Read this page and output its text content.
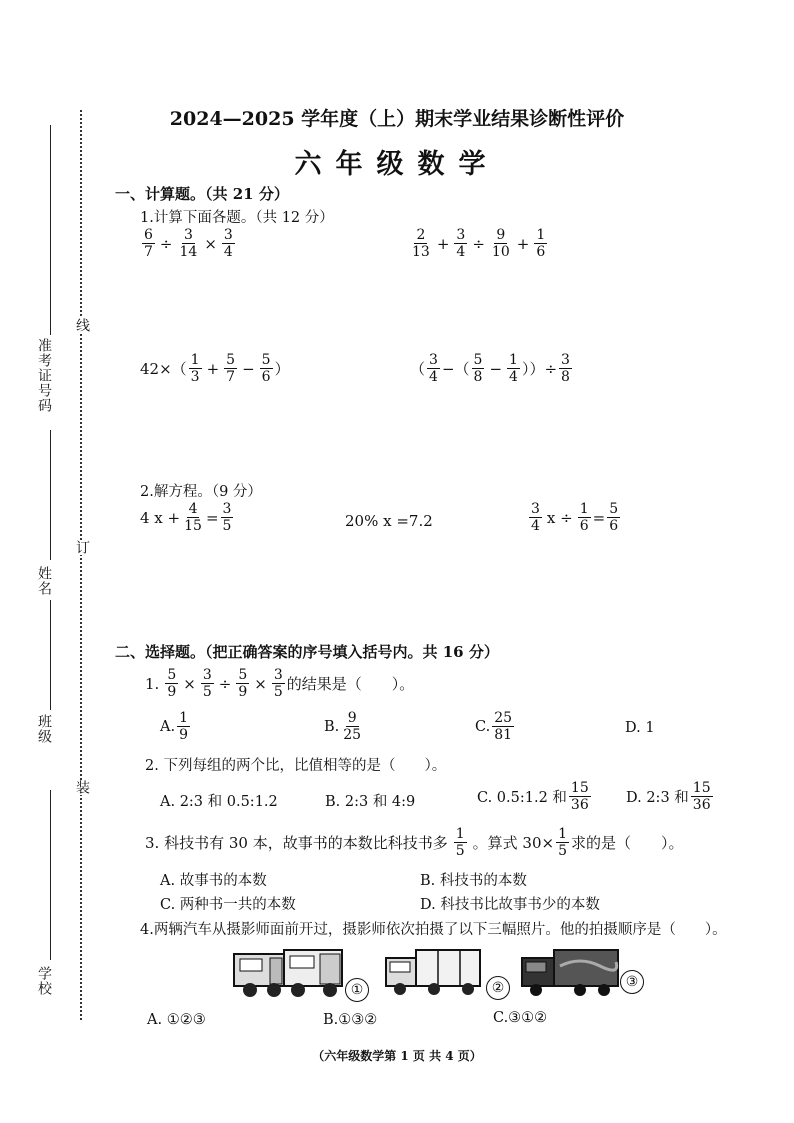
准考证号码
姓名
班级
学校
线
订
装
2024—2025 学年度（上）期末学业结果诊断性评价
六年级数学
一、计算题。（共 21 分）
1.计算下面各题。（共 12 分）
$\frac{6}{7} \div \frac{3}{14} \times \frac{3}{4}$	2
$13 + \frac{3}{4} \div \frac{9}{10} + \frac{1}{6}$
42×（ 1
$3 + \frac{5}{7} - \frac{5}{6}$ ）	（ 3
4 −（ 5
$8 - \frac{1}{4}$ ））÷ $\frac{3}{8}$
2.解方程。（9 分）
4 $x + \frac{4}{15} = \frac{3}{5}$	20% x =7.2
3
4 $x \div \frac{1}{6} = \frac{5}{6}$
二、选择题。（把正确答案的序号填入括号内。共 16 分）
1. $\frac{5}{9} \times \frac{3}{5} \div \frac{5}{9} \times \frac{3}{5}$ 的结果是（　　）。
A.
1
9
B.
9
25
C.
25
81	D. 1
2. 下列每组的两个比，比值相等的是（　　）。
A. 2:3 和 0.5:1.2	B. 2:3 和 4:9	C. 0.5:1.2 和
15
36	D. 2:3 和
15
36
3. 科技书有 30 本，故事书的本数比科技书多 1
5 。算式 $30\times \frac{1}{5}$ 求的是（　　）。
A. 故事书的本数	B. 科技书的本数
C. 两种书一共的本数	D. 科技书比故事书少的本数
4.两辆汽车从摄影师面前开过，摄影师依次拍摄了以下三幅照片。他的拍摄顺序是（　　）。
①	②	③
A. ①②③	B.①③②	C.③①②
（六年级数学第 1 页 共 4 页）
